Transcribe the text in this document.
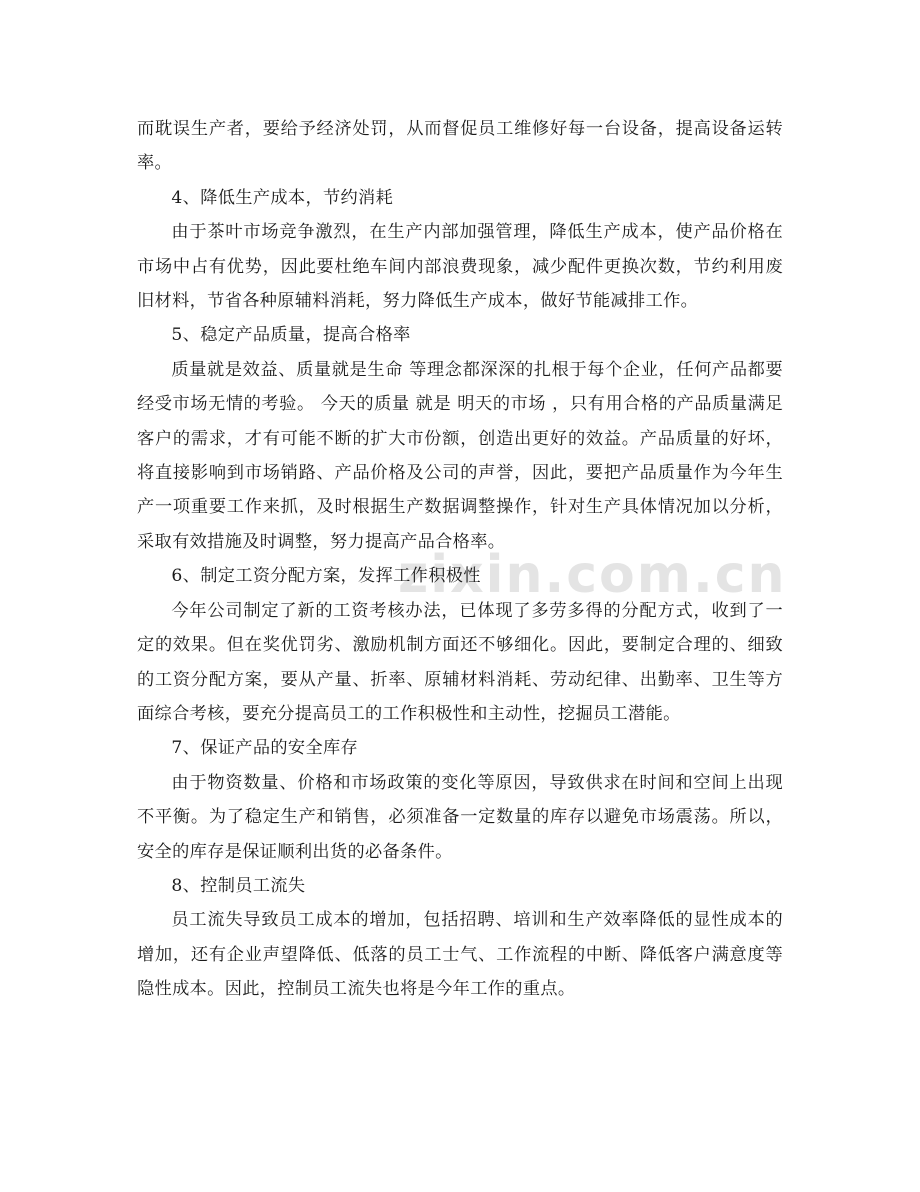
zixin.com.cn

而耽误生产者，要给予经济处罚，从而督促员工维修好每一台设备，提高设备运转率。

4、降低生产成本，节约消耗

由于茶叶市场竞争激烈，在生产内部加强管理，降低生产成本，使产品价格在市场中占有优势，因此要杜绝车间内部浪费现象，减少配件更换次数，节约利用废旧材料，节省各种原辅料消耗，努力降低生产成本，做好节能减排工作。

5、稳定产品质量，提高合格率

质量就是效益、质量就是生命 等理念都深深的扎根于每个企业，任何产品都要经受市场无情的考验。 今天的质量 就是 明天的市场 ，只有用合格的产品质量满足客户的需求，才有可能不断的扩大市份额，创造出更好的效益。产品质量的好坏，将直接影响到市场销路、产品价格及公司的声誉，因此，要把产品质量作为今年生产一项重要工作来抓，及时根据生产数据调整操作，针对生产具体情况加以分析，采取有效措施及时调整，努力提高产品合格率。

6、制定工资分配方案，发挥工作积极性

今年公司制定了新的工资考核办法，已体现了多劳多得的分配方式，收到了一定的效果。但在奖优罚劣、激励机制方面还不够细化。因此，要制定合理的、细致的工资分配方案，要从产量、折率、原辅材料消耗、劳动纪律、出勤率、卫生等方面综合考核，要充分提高员工的工作积极性和主动性，挖掘员工潜能。

7、保证产品的安全库存

由于物资数量、价格和市场政策的变化等原因，导致供求在时间和空间上出现不平衡。为了稳定生产和销售，必须准备一定数量的库存以避免市场震荡。所以，安全的库存是保证顺利出货的必备条件。

8、控制员工流失

员工流失导致员工成本的增加，包括招聘、培训和生产效率降低的显性成本的增加，还有企业声望降低、低落的员工士气、工作流程的中断、降低客户满意度等隐性成本。因此，控制员工流失也将是今年工作的重点。
